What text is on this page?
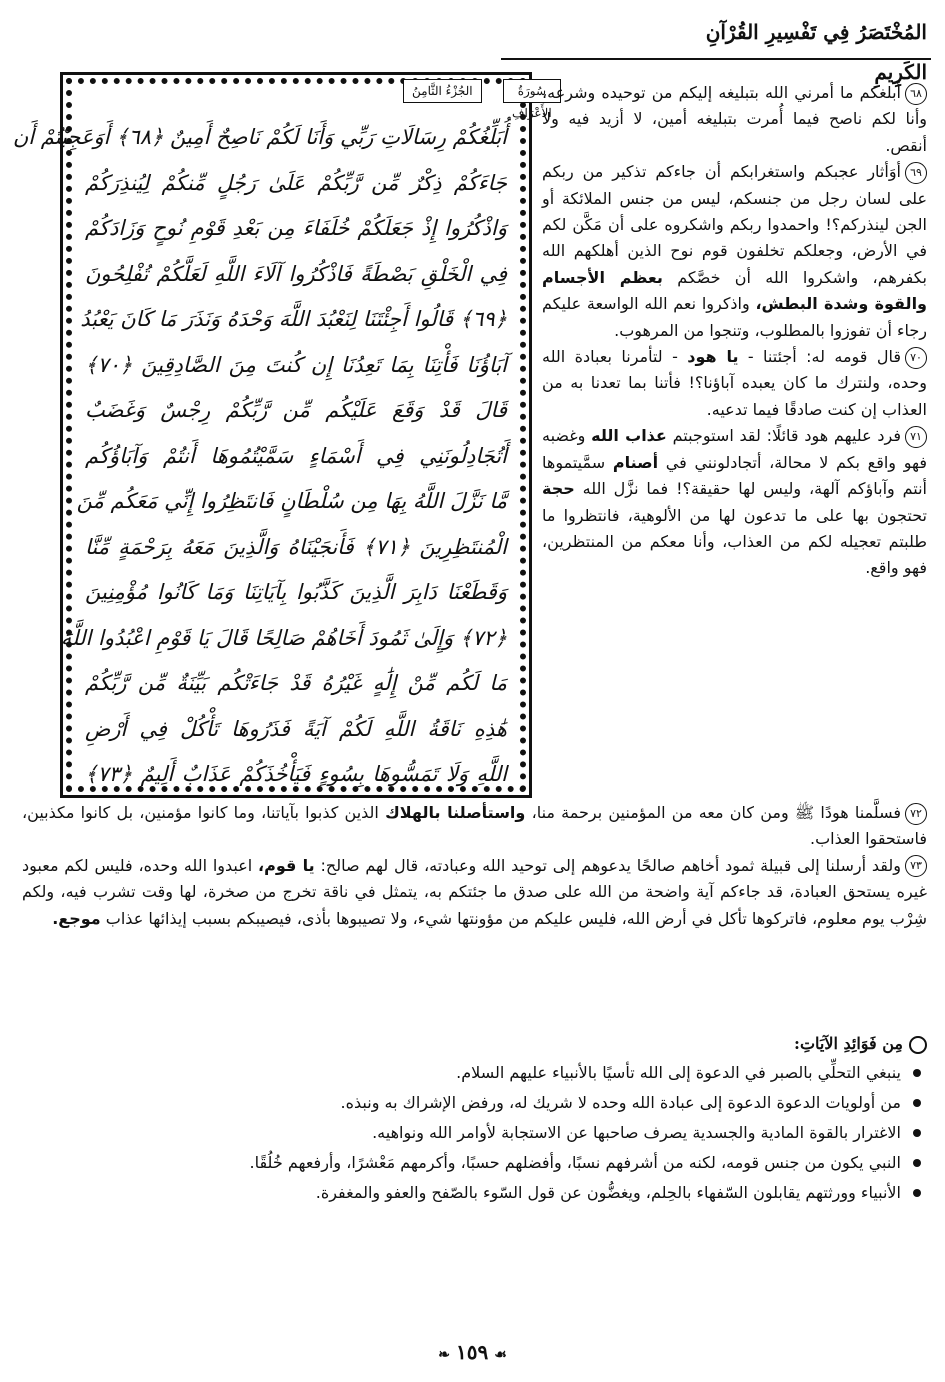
المُخْتَصَرُ فِي تَفْسِيرِ القُرْآنِ الكَرِيمِ
الجُزْءُ الثَّامِنُ	سُورَةُ الأَعْرَافِ
أُبَلِّغُكُمْ رِسَالَاتِ رَبِّي وَأَنَا لَكُمْ نَاصِحٌ أَمِينٌ ﴿٦٨﴾ أَوَعَجِبْتُمْ أَن
جَاءَكُمْ ذِكْرٌ مِّن رَّبِّكُمْ عَلَىٰ رَجُلٍ مِّنكُمْ لِيُنذِرَكُمْ
وَاذْكُرُوا إِذْ جَعَلَكُمْ خُلَفَاءَ مِن بَعْدِ قَوْمِ نُوحٍ وَزَادَكُمْ
فِي الْخَلْقِ بَصْطَةً فَاذْكُرُوا آلَاءَ اللَّهِ لَعَلَّكُمْ تُفْلِحُونَ
﴿٦٩﴾ قَالُوا أَجِئْتَنَا لِنَعْبُدَ اللَّهَ وَحْدَهُ وَنَذَرَ مَا كَانَ يَعْبُدُ
آبَاؤُنَا فَأْتِنَا بِمَا تَعِدُنَا إِن كُنتَ مِنَ الصَّادِقِينَ ﴿٧٠﴾
قَالَ قَدْ وَقَعَ عَلَيْكُم مِّن رَّبِّكُمْ رِجْسٌ وَغَضَبٌ
أَتُجَادِلُونَنِي فِي أَسْمَاءٍ سَمَّيْتُمُوهَا أَنتُمْ وَآبَاؤُكُم
مَّا نَزَّلَ اللَّهُ بِهَا مِن سُلْطَانٍ فَانتَظِرُوا إِنِّي مَعَكُم مِّنَ
الْمُنتَظِرِينَ ﴿٧١﴾ فَأَنجَيْنَاهُ وَالَّذِينَ مَعَهُ بِرَحْمَةٍ مِّنَّا
وَقَطَعْنَا دَابِرَ الَّذِينَ كَذَّبُوا بِآيَاتِنَا وَمَا كَانُوا مُؤْمِنِينَ
﴿٧٢﴾ وَإِلَىٰ ثَمُودَ أَخَاهُمْ صَالِحًا قَالَ يَا قَوْمِ اعْبُدُوا اللَّهَ
مَا لَكُم مِّنْ إِلَٰهٍ غَيْرُهُ قَدْ جَاءَتْكُم بَيِّنَةٌ مِّن رَّبِّكُمْ
هَٰذِهِ نَاقَةُ اللَّهِ لَكُمْ آيَةً فَذَرُوهَا تَأْكُلْ فِي أَرْضِ
اللَّهِ وَلَا تَمَسُّوهَا بِسُوءٍ فَيَأْخُذَكُمْ عَذَابٌ أَلِيمٌ ﴿٧٣﴾

٦٨أبلغكم ما أمرني الله بتبليغه إليكم من توحيده وشرعه، وأنا لكم ناصح فيما أُمرت بتبليغه أمين، لا أزيد فيه ولا أنقص.

٦٩أوَأثار عجبكم واستغرابكم أن جاءكم تذكير من ربكم على لسان رجل من جنسكم، ليس من جنس الملائكة أو الجن لينذركم؟! واحمدوا ربكم واشكروه على أن مَكَّن لكم في الأرض، وجعلكم تخلفون قوم نوح الذين أهلكهم الله بكفرهم، واشكروا الله أن خصَّكم بعظم الأجسام والقوة وشدة البطش، واذكروا نعم الله الواسعة عليكم رجاء أن تفوزوا بالمطلوب، وتنجوا من المرهوب.

٧٠قال قومه له: أجئتنا - يا هود - لتأمرنا بعبادة الله وحده، ولنترك ما كان يعبده آباؤنا؟! فأتنا بما تعدنا به من العذاب إن كنت صادقًا فيما تدعيه.

٧١فرد عليهم هود قائلًا: لقد استوجبتم عذاب الله وغضبه فهو واقع بكم لا محالة، أتجادلونني في أصنام سمَّيتموها أنتم وآباؤكم آلهة، وليس لها حقيقة؟! فما نزَّل الله حجة تحتجون بها على ما تدعون لها من الألوهية، فانتظروا ما طلبتم تعجيله لكم من العذاب، وأنا معكم من المنتظرين، فهو واقع.

٧٢فسلَّمنا هودًا ﷺ ومن كان معه من المؤمنين برحمة منا، واستأصلنا بالهلاك الذين كذبوا بآياتنا، وما كانوا مؤمنين، بل كانوا مكذبين، فاستحقوا العذاب.

٧٣ولقد أرسلنا إلى قبيلة ثمود أخاهم صالحًا يدعوهم إلى توحيد الله وعبادته، قال لهم صالح: يا قوم، اعبدوا الله وحده، فليس لكم معبود غيره يستحق العبادة، قد جاءكم آية واضحة من الله على صدق ما جئتكم به، يتمثل في ناقة تخرج من صخرة، لها وقت تشرب فيه، ولكم شِرْب يوم معلوم، فاتركوها تأكل في أرض الله، فليس عليكم من مؤونتها شيء، ولا تصيبوها بأذى، فيصيبكم بسبب إيذائها عذاب موجع.

مِن فَوَائِدِ الآيَاتِ:

ينبغي التحلِّي بالصبر في الدعوة إلى الله تأسيًا بالأنبياء عليهم السلام.

من أولويات الدعوة الدعوة إلى عبادة الله وحده لا شريك له، ورفض الإشراك به ونبذه.

الاغترار بالقوة المادية والجسدية يصرف صاحبها عن الاستجابة لأوامر الله ونواهيه.

النبي يكون من جنس قومه، لكنه من أشرفهم نسبًا، وأفضلهم حسبًا، وأكرمهم مَعْشرًا، وأرفعهم خُلُقًا.

الأنبياء وورثتهم يقابلون السّفهاء بالحِلم، ويغضُّون عن قول السّوء بالصّفح والعفو والمغفرة.

❧ ١٥٩ ☙
